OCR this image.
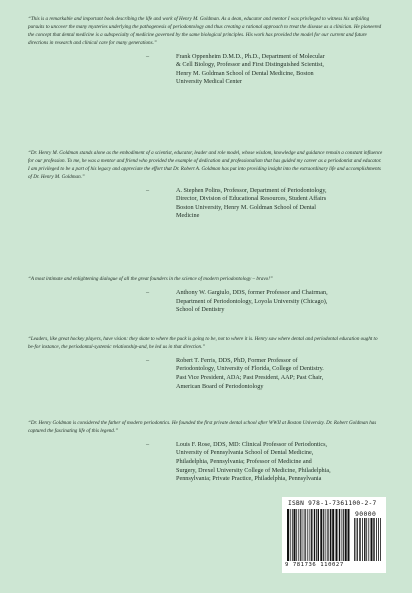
“This is a remarkable and important book describing the life and work of Henry M. Goldman. As a dean, educator and mentor I was privileged to witness his unfailing pursuits to uncover the many mysteries underlying the pathogenesis of periodontology and thus creating a rational approach to treat the disease as a clinician. He pioneered the concept that dental medicine is a subspecialty of medicine governed by the same biological principles. His work has provided the model for our current and future directions in research and clinical care for many generations.”

–	Frank Oppenheim D.M.D., Ph.D., Department of Molecular
& Cell Biology, Professor and First Distinguished Scientist,
Henry M. Goldman School of Dental Medicine, Boston
University Medical Center

“Dr. Henry M. Goldman stands alone as the embodiment of a scientist, educator, leader and role model, whose wisdom, knowledge and guidance remain a constant influence for our profession. To me, he was a mentor and friend who provided the example of dedication and professionalism that has guided my career as a periodontist and educator. I am privileged to be a part of his legacy and appreciate the effort that Dr. Robert A. Goldman has put into providing insight into the extraordinary life and accomplishments of Dr. Henry M. Goldman.”

–	A. Stephen Polins, Professor, Department of Periodontology,
Director, Division of Educational Resources, Student Affairs
Boston University, Henry M. Goldman School of Dental
Medicine

“A most intimate and enlightening dialogue of all the great founders in the science of modern periodontology – bravo!”

–	Anthony W. Gargiulo, DDS, former Professor and Chairman,
Department of Periodontology, Loyola University (Chicago),
School of Dentistry

“Leaders, like great hockey players, have vision: they skate to where the puck is going to be, not to where it is. Henry saw where dental and periodontal education ought to be-for instance, the periodontal-systemic relationship-and, he led us in that direction.”

–	Robert T. Ferris, DDS, PhD, Former Professor of
Periodontology, University of Florida, College of Dentistry.
Past Vice President, ADA; Past President, AAP; Past Chair,
American Board of Periodontology

“Dr. Henry Goldman is considered the father of modern periodontics. He founded the first private dental school after WWII at Boston University. Dr. Robert Goldman has captured the fascinating life of this legend.”

–	Louis F. Rose, DDS, MD: Clinical Professor of Periodontics,
University of Pennsylvania School of Dental Medicine,
Philadelphia, Pennsylvania; Professor of Medicine and
Surgery, Drexel University College of Medicine, Philadelphia,
Pennsylvania; Private Practice, Philadelphia, Pennsylvania
ISBN 978-1-7361100-2-7
90000
9 781736 110027
